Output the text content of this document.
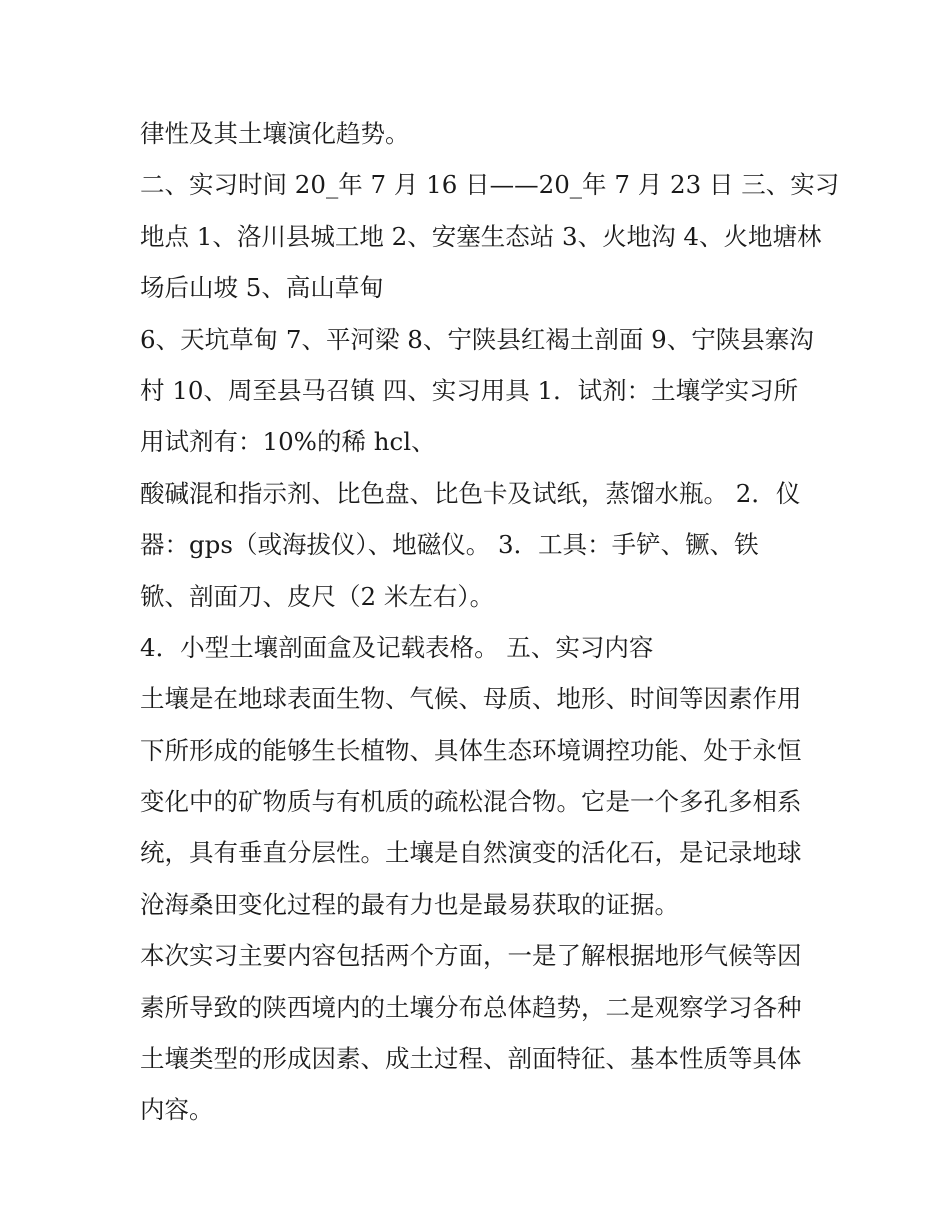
律性及其土壤演化趋势。
二、实习时间 20_年 7 月 16 日——20_年 7 月 23 日 三、实习
地点 1、洛川县城工地 2、安塞生态站 3、火地沟 4、火地塘林
场后山坡 5、高山草甸
6、天坑草甸 7、平河梁 8、宁陕县红褐土剖面 9、宁陕县寨沟
村 10、周至县马召镇 四、实习用具 1．试剂：土壤学实习所
用试剂有：10%的稀 hcl、
酸碱混和指示剂、比色盘、比色卡及试纸，蒸馏水瓶。 2．仪
器：gps（或海拔仪）、地磁仪。 3．工具：手铲、镢、铁
锨、剖面刀、皮尺（2 米左右）。
4．小型土壤剖面盒及记载表格。 五、实习内容
土壤是在地球表面生物、气候、母质、地形、时间等因素作用
下所形成的能够生长植物、具体生态环境调控功能、处于永恒
变化中的矿物质与有机质的疏松混合物。它是一个多孔多相系
统，具有垂直分层性。土壤是自然演变的活化石，是记录地球
沧海桑田变化过程的最有力也是最易获取的证据。
本次实习主要内容包括两个方面，一是了解根据地形气候等因
素所导致的陕西境内的土壤分布总体趋势，二是观察学习各种
土壤类型的形成因素、成土过程、剖面特征、基本性质等具体
内容。
